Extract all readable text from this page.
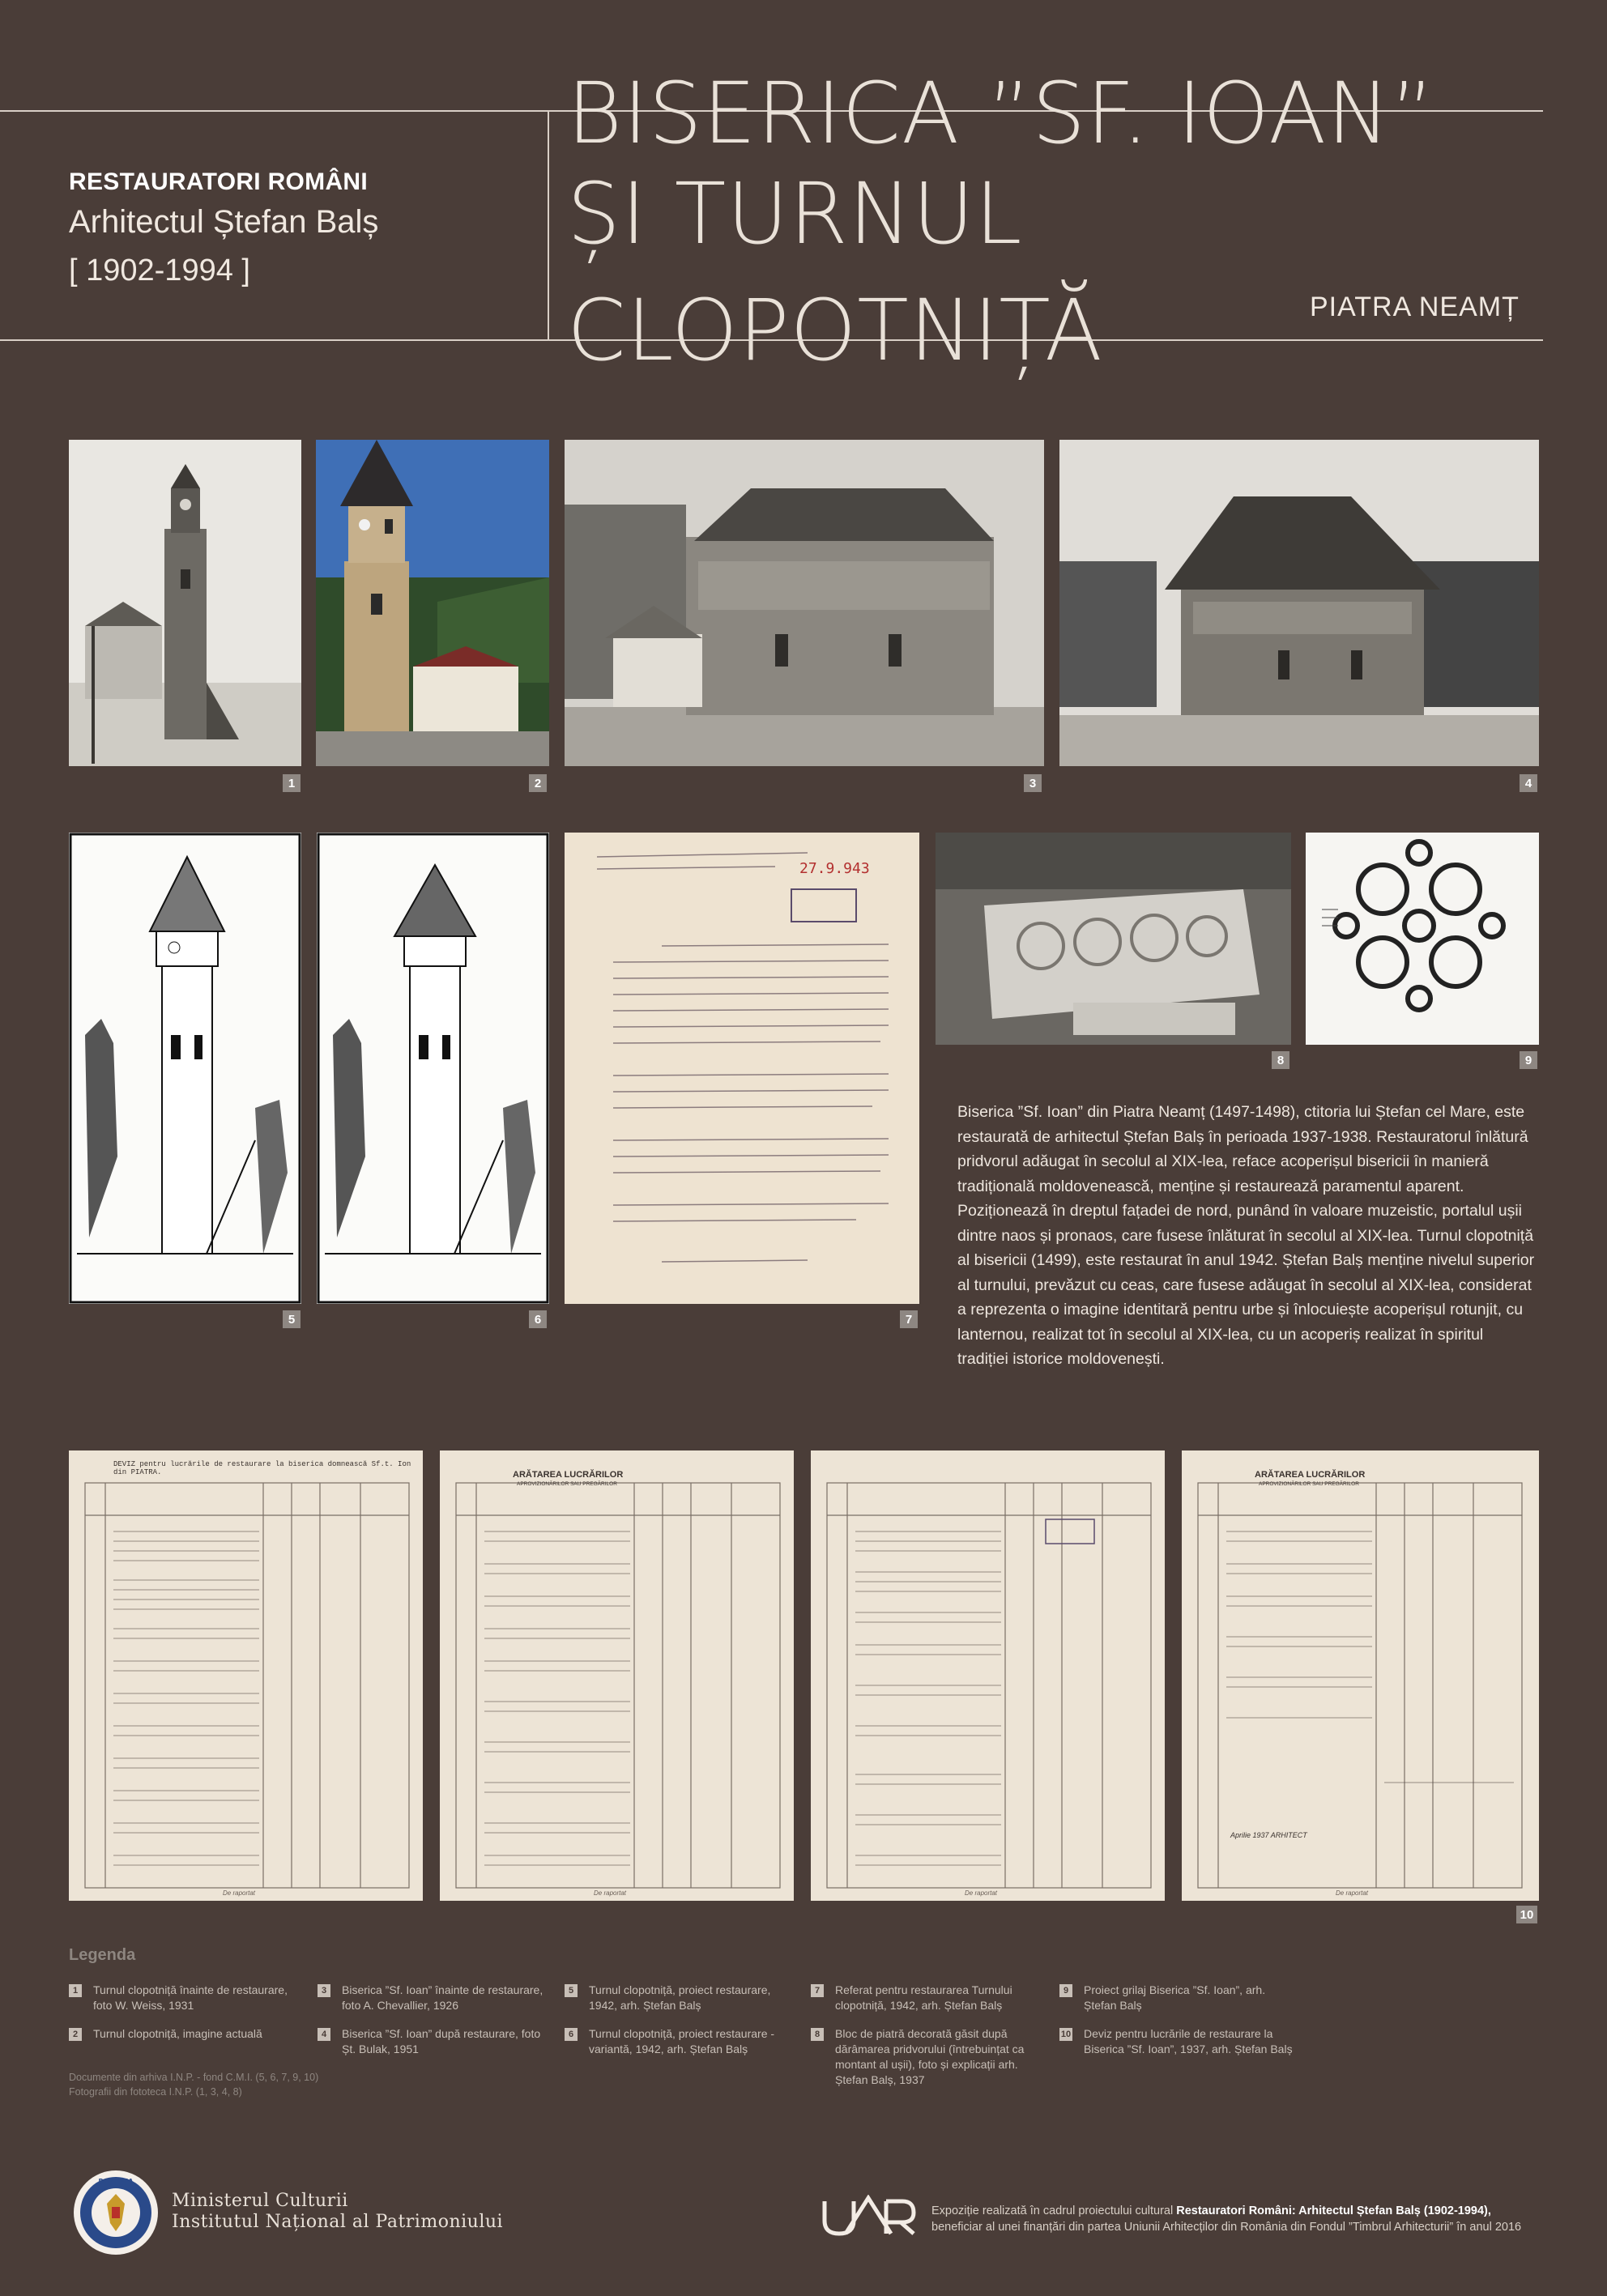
RESTAURATORI ROMÂNI
Arhitectul Ștefan Balș
[ 1902-1994 ]
BISERICA ”SF. IOAN”
ȘI TURNUL
CLOPOTNIȚĂ	PIATRA NEAMȚ
1	2	3	4
5	6
27.9.943
7
8	9
Biserica ”Sf. Ioan” din Piatra Neamț (1497-1498), ctitoria lui Ștefan cel Mare, este restaurată de arhitectul Ștefan Balș în perioada 1937-1938. Restauratorul înlătură pridvorul adăugat în secolul al XIX-lea, reface acoperișul bisericii în manieră tradițională moldovenească, menține și restaurează paramentul aparent. Poziționează în dreptul fațadei de nord, punând în valoare muzeistic, portalul ușii dintre naos și pronaos, care fusese înlăturat în secolul al XIX-lea. Turnul clopotniță al bisericii (1499), este restaurat în anul 1942. Ștefan Balș menține nivelul superior al turnului, prevăzut cu ceas, care fusese adăugat în secolul al XIX-lea, considerat a reprezenta o imagine identitară pentru urbe și înlocuiește acoperișul rotunjit, cu lanternou, realizat tot în secolul al XIX-lea, cu un acoperiș realizat în spiritul tradiției istorice moldovenești.
DEVIZ pentru lucrările de restaurare la biserica domnească Sf.t. Ion din PIATRA.
De raportat
ARĂTAREA LUCRĂRILOR
APROVIZIONĂRILOR SAU PREGĂRILOR
De raportat	De raportat
ARĂTAREA LUCRĂRILOR
APROVIZIONĂRILOR SAU PREGĂRILOR
Aprilie 1937 ARHITECT
De raportat
10
Legenda
1	Turnul clopotniță înainte de restaurare, foto W. Weiss, 1931
2	Turnul clopotniță, imagine actuală
3	Biserica ”Sf. Ioan” înainte de restaurare, foto A. Chevallier, 1926
4	Biserica ”Sf. Ioan” după restaurare, foto Șt. Bulak, 1951
5	Turnul clopotniță, proiect restaurare, 1942, arh. Ștefan Balș
6	Turnul clopotniță, proiect restaurare - variantă, 1942, arh. Ștefan Balș
7	Referat pentru restaurarea Turnului clopotniță, 1942, arh. Ștefan Balș
8	Bloc de piatră decorată găsit după dărâmarea pridvorului (întrebuințat ca montant al ușii), foto și explicații arh. Ștefan Balș, 1937
9	Proiect grilaj Biserica ”Sf. Ioan”, arh. Ștefan Balș
10 Deviz pentru lucrările de restaurare la Biserica ”Sf. Ioan”, 1937, arh. Ștefan Balș
Documente din arhiva I.N.P. - fond C.M.I. (5, 6, 7, 9, 10)
Fotografii din fototeca I.N.P. (1, 3, 4, 8)
ROMÂNIA
Ministerul Culturii
Institutul Național al Patrimoniului
UAR
Expoziție realizată în cadrul proiectului cultural Restauratori Români: Arhitectul Ștefan Balș (1902-1994),
beneficiar al unei finanțări din partea Uniunii Arhitecților din România din Fondul ”Timbrul Arhitecturii” în anul 2016
